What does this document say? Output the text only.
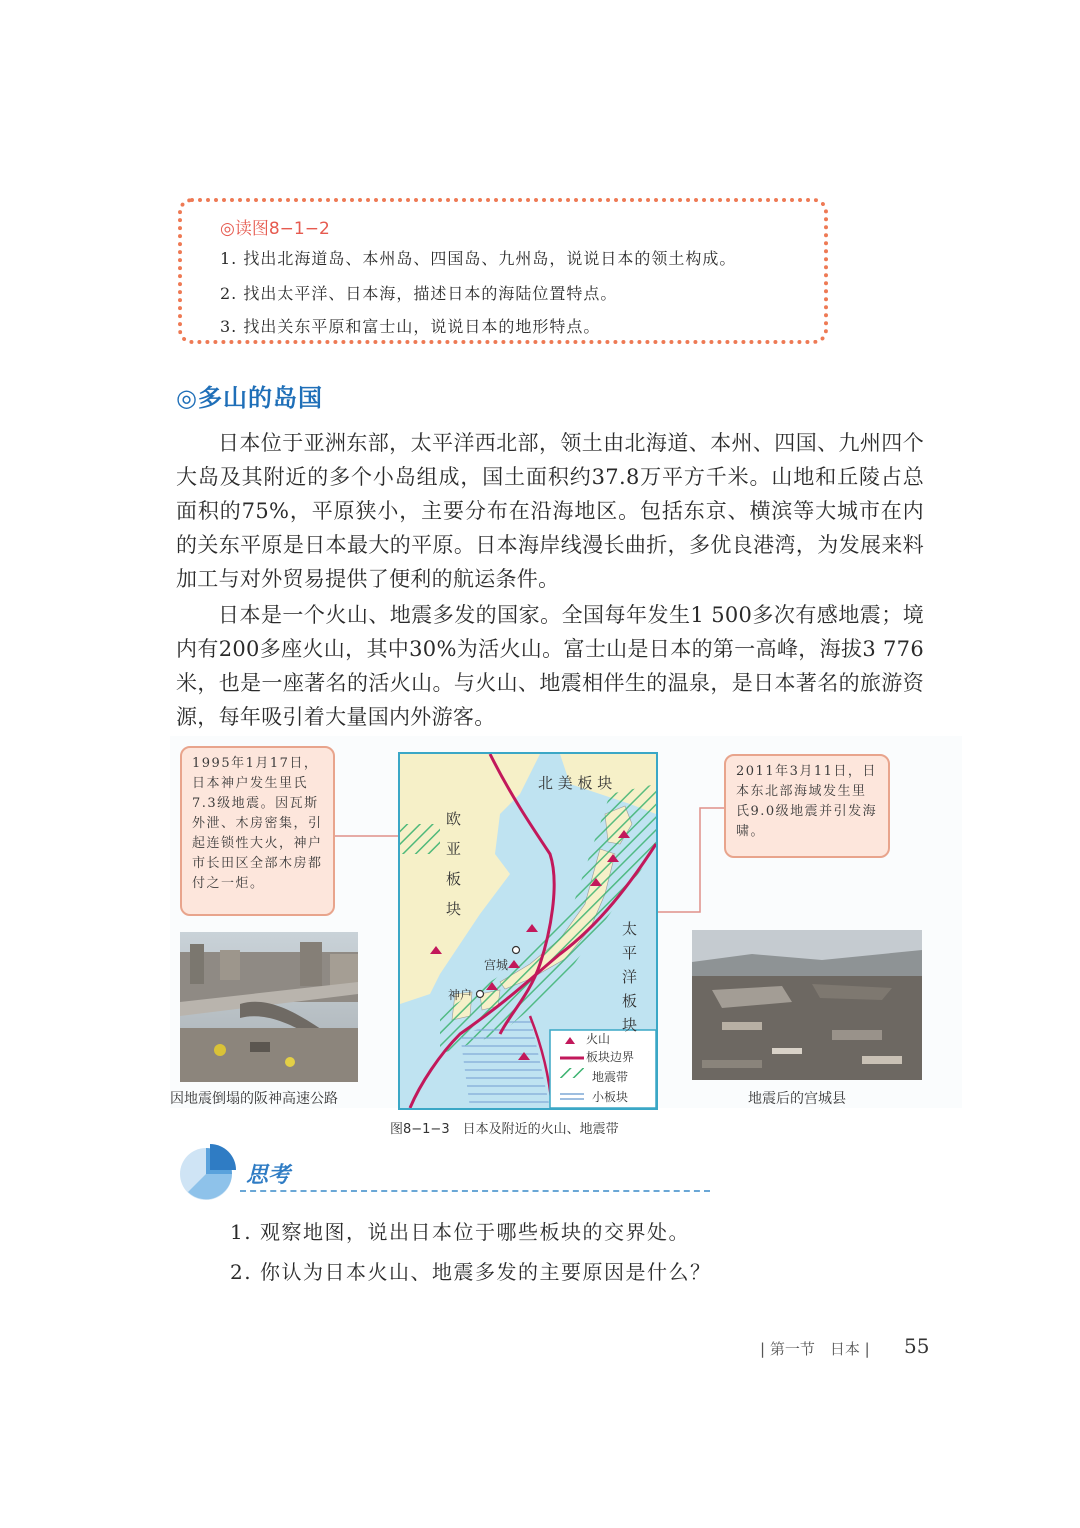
◎读图8−1−2
1. 找出北海道岛、本州岛、四国岛、九州岛，说说日本的领土构成。
2. 找出太平洋、日本海，描述日本的海陆位置特点。
3. 找出关东平原和富士山，说说日本的地形特点。
◎多山的岛国
日本位于亚洲东部，太平洋西北部，领土由北海道、本州、四国、九州四个大岛及其附近的多个小岛组成，国土面积约37.8万平方千米。山地和丘陵占总面积的75%，平原狭小，主要分布在沿海地区。包括东京、横滨等大城市在内的关东平原是日本最大的平原。日本海岸线漫长曲折，多优良港湾，为发展来料加工与对外贸易提供了便利的航运条件。
日本是一个火山、地震多发的国家。全国每年发生1 500多次有感地震；境内有200多座火山，其中30%为活火山。富士山是日本的第一高峰，海拔3 776米，也是一座著名的活火山。与火山、地震相伴生的温泉，是日本著名的旅游资源，每年吸引着大量国内外游客。
1995年1月17日，日本神户发生里氏7.3级地震。因瓦斯外泄、木房密集，引起连锁性大火，神户市长田区全部木房都付之一炬。
2011年3月11日，日本东北部海域发生里氏9.0级地震并引发海啸。
因地震倒塌的阪神高速公路	地震后的宫城县
北 美 板 块
欧
亚
板
块
太
平
洋
板
块
宫城
神户
火山
板块边界
地震带
小板块
图8−1−3　日本及附近的火山、地震带
思考
1. 观察地图，说出日本位于哪些板块的交界处。
2. 你认为日本火山、地震多发的主要原因是什么？
| 第一节　日本 | 55
